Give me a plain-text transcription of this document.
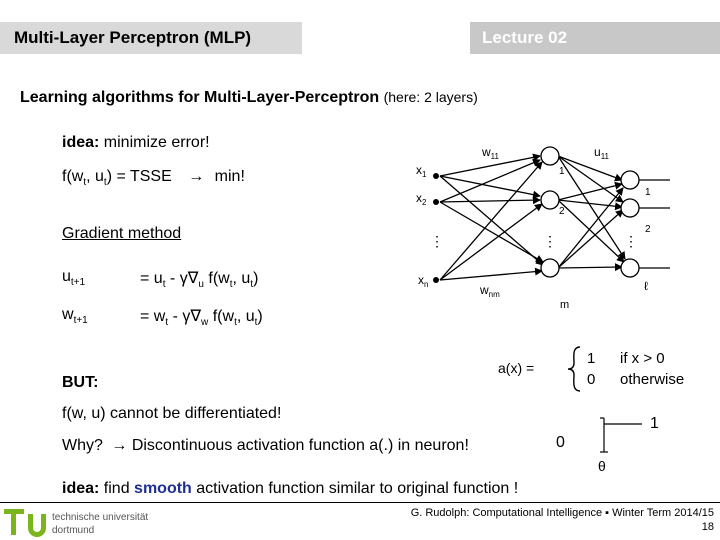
Multi-Layer Perceptron (MLP)	Lecture 02
Learning algorithms for Multi-Layer-Perceptron (here: 2 layers)
idea: minimize error!
$f(w_t$, $u_t$) = TSSE → min!
Gradient method
$u_{t+1}$	= $u_t - \gamma\nabla_u$ $f(w_t$, $u_t$)
$w_{t+1}$	= $w_t - \gamma\nabla_w$ $f(w_t$, $u_t$)
$x_1$
$x_2$
$x_n$
$w_{11}$
$w_{nm}$
$u_{11}$
1
2
m
1
2
ℓ
⋮	⋮	⋮
a(x) =
1 if x > 0
0 otherwise
BUT:
f(w, u) cannot be differentiated!
Why? → Discontinuous activation function a(.) in neuron!
1
0
θ
idea: find smooth activation function similar to original function !
technische universität
dortmund
G. Rudolph: Computational Intelligence ▪ Winter Term 2014/15
18
